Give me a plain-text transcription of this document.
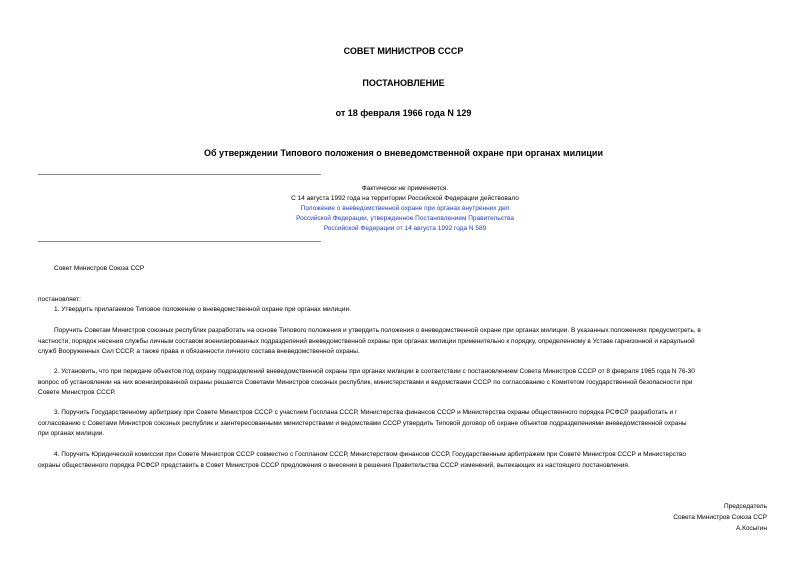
СОВЕТ МИНИСТРОВ СССР
ПОСТАНОВЛЕНИЕ
от 18 февраля 1966 года N 129
Об утверждении Типового положения о вневедомственной охране при органах милиции
Фактически не применяется.
С 14 августа 1992 года на территории Российской Федерации действовало
Положение о вневедомственной охране при органах внутренних дел
Российской Федерации, утвержденное Постановлением Правительства
Российской Федерации от 14 августа 1992 года N 589
Совет Министров Союза ССР
постановляет:
1. Утвердить прилагаемое Типовое положение о вневедомственной охране при органах милиции.
Поручить Советам Министров союзных республик разработать на основе Типового положения и утвердить положения о вневедомственной охране при органах милиции. В указанных положениях предусмотреть, в
частности, порядок несения службы личным составом военизированных подразделений вневедомственной охраны при органах милиции применительно к порядку, определенному в Уставе гарнизонной и караульной
служб Вооруженных Сил СССР, а также права и обязанности личного состава вневедомственной охраны.
2. Установить, что при передаче объектов под охрану подразделений вневедомственной охраны при органах милиции в соответствии с постановлением Совета Министров СССР от 8 февраля 1965 года N 76-30
вопрос об установлении на них военизированной охраны решается Советами Министров союзных республик, министерствами и ведомствами СССР по согласованию с Комитетом государственной безопасности при
Совете Министров СССР.
3. Поручить Государственному арбитражу при Совете Министров СССР с участием Госплана СССР, Министерства финансов СССР и Министерства охраны общественного порядка РСФСР разработать и г
согласованию с Советами Министров союзных республик и заинтересованными министерствами и ведомствами СССР утвердить Типовой договор об охране объектов подразделениями вневедомственной охраны
при органах милиции.
4. Поручить Юридической комиссии при Совете Министров СССР совместно с Госпланом СССР, Министерством финансов СССР, Государственным арбитражем при Совете Министров СССР и Министерство
охраны общественного порядка РСФСР представить в Совет Министров СССР предложения о внесении в решения Правительства СССР изменений, вытекающих из настоящего постановления.
Председатель
Совета Министров Союза ССР
А.Косыгин
